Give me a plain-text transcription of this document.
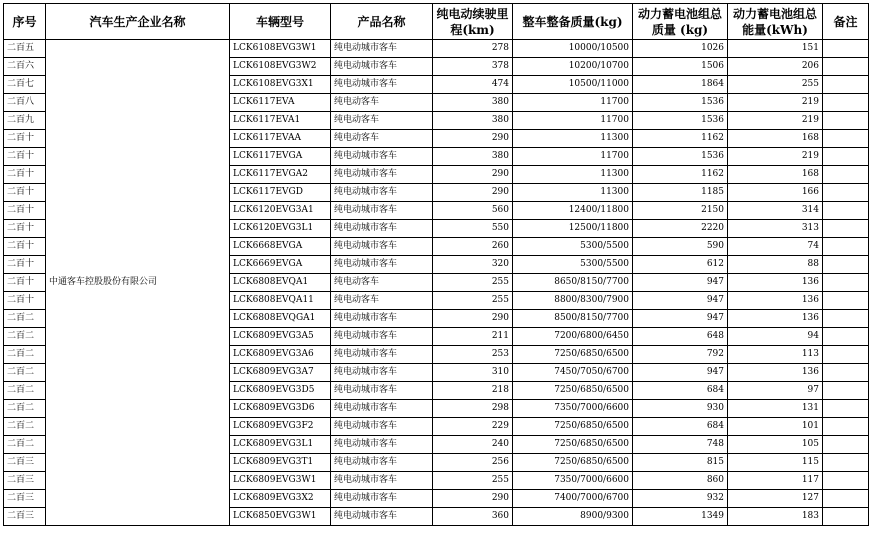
序号	汽车生产企业名称	车辆型号	产品名称	纯电动续驶里程(km)	整车整备质量(kg)	动力蓄电池组总质量 (kg)	动力蓄电池组总能量(kWh)	备注
二百五	中通客车控股股份有限公司	LCK6108EVG3W1	纯电动城市客车	278	10000/10500	1026	151	
二百六		LCK6108EVG3W2	纯电动城市客车	378	10200/10700	1506	206	
二百七		LCK6108EVG3X1	纯电动城市客车	474	10500/11000	1864	255	
二百八		LCK6117EVA	纯电动客车	380	11700	1536	219	
二百九		LCK6117EVA1	纯电动客车	380	11700	1536	219	
二百十		LCK6117EVAA	纯电动客车	290	11300	1162	168	
二百十		LCK6117EVGA	纯电动城市客车	380	11700	1536	219	
二百十		LCK6117EVGA2	纯电动城市客车	290	11300	1162	168	
二百十		LCK6117EVGD	纯电动城市客车	290	11300	1185	166	
二百十		LCK6120EVG3A1	纯电动城市客车	560	12400/11800	2150	314	
二百十		LCK6120EVG3L1	纯电动城市客车	550	12500/11800	2220	313	
二百十		LCK6668EVGA	纯电动城市客车	260	5300/5500	590	74	
二百十		LCK6669EVGA	纯电动城市客车	320	5300/5500	612	88	
二百十		LCK6808EVQA1	纯电动客车	255	8650/8150/7700	947	136	
二百十		LCK6808EVQA11	纯电动客车	255	8800/8300/7900	947	136	
二百二		LCK6808EVQGA1	纯电动城市客车	290	8500/8150/7700	947	136	
二百二		LCK6809EVG3A5	纯电动城市客车	211	7200/6800/6450	648	94	
二百二		LCK6809EVG3A6	纯电动城市客车	253	7250/6850/6500	792	113	
二百二		LCK6809EVG3A7	纯电动城市客车	310	7450/7050/6700	947	136	
二百二		LCK6809EVG3D5	纯电动城市客车	218	7250/6850/6500	684	97	
二百二		LCK6809EVG3D6	纯电动城市客车	298	7350/7000/6600	930	131	
二百二		LCK6809EVG3F2	纯电动城市客车	229	7250/6850/6500	684	101	
二百二		LCK6809EVG3L1	纯电动城市客车	240	7250/6850/6500	748	105	
二百三		LCK6809EVG3T1	纯电动城市客车	256	7250/6850/6500	815	115	
二百三		LCK6809EVG3W1	纯电动城市客车	255	7350/7000/6600	860	117	
二百三		LCK6809EVG3X2	纯电动城市客车	290	7400/7000/6700	932	127	
二百三		LCK6850EVG3W1	纯电动城市客车	360	8900/9300	1349	183	
